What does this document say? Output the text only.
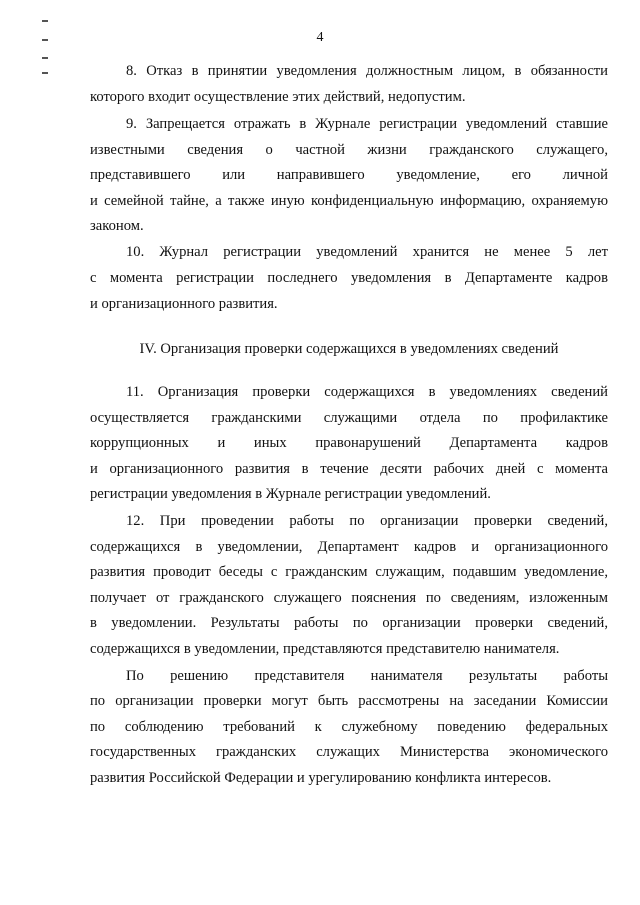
4
8. Отказ в принятии уведомления должностным лицом, в обязанности
которого входит осуществление этих действий, недопустим.
9. Запрещается отражать в Журнале регистрации уведомлений ставшие
известными сведения о частной жизни гражданского служащего,
представившего или направившего уведомление, его личной
и семейной тайне, а также иную конфиденциальную информацию, охраняемую
законом.
10. Журнал регистрации уведомлений хранится не менее 5 лет
с момента регистрации последнего уведомления в Департаменте кадров
и организационного развития.
IV. Организация проверки содержащихся в уведомлениях сведений
11. Организация проверки содержащихся в уведомлениях сведений
осуществляется гражданскими служащими отдела по профилактике
коррупционных и иных правонарушений Департамента кадров
и организационного развития в течение десяти рабочих дней с момента
регистрации уведомления в Журнале регистрации уведомлений.
12. При проведении работы по организации проверки сведений,
содержащихся в уведомлении, Департамент кадров и организационного
развития проводит беседы с гражданским служащим, подавшим уведомление,
получает от гражданского служащего пояснения по сведениям, изложенным
в уведомлении. Результаты работы по организации проверки сведений,
содержащихся в уведомлении, представляются представителю нанимателя.
По решению представителя нанимателя результаты работы
по организации проверки могут быть рассмотрены на заседании Комиссии
по соблюдению требований к служебному поведению федеральных
государственных гражданских служащих Министерства экономического
развития Российской Федерации и урегулированию конфликта интересов.
